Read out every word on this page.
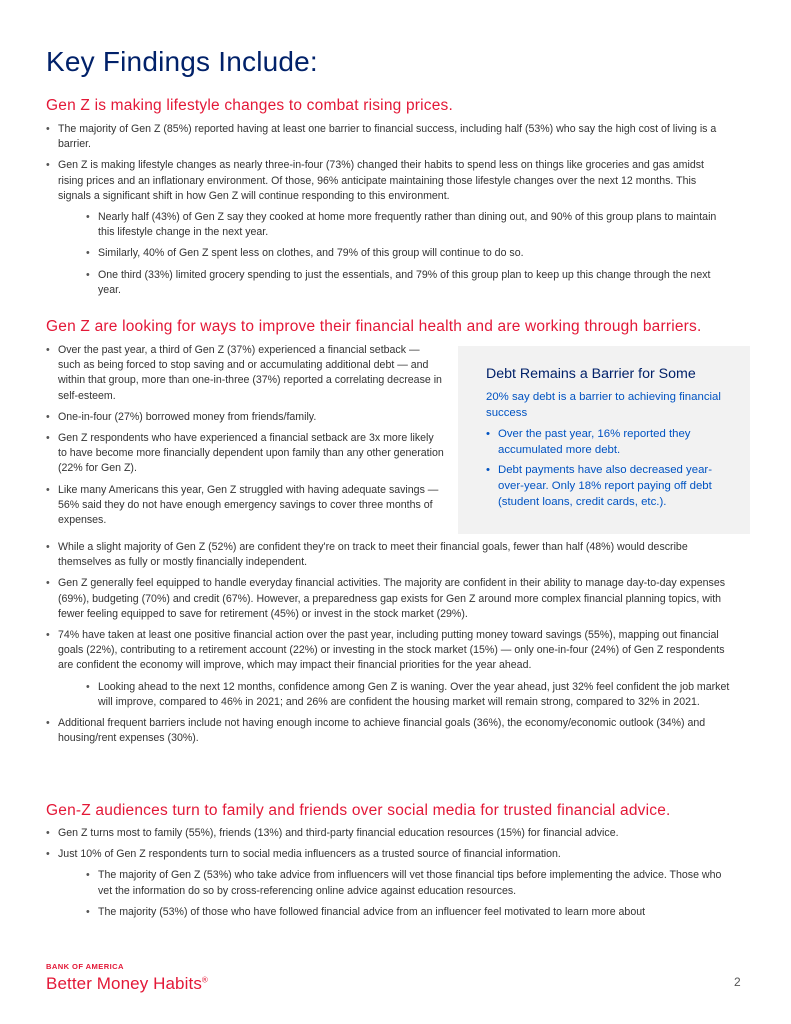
Key Findings Include:
Gen Z is making lifestyle changes to combat rising prices.
• The majority of Gen Z (85%) reported having at least one barrier to financial success, including half (53%) who say the high cost of living is a barrier.
• Gen Z is making lifestyle changes as nearly three-in-four (73%) changed their habits to spend less on things like groceries and gas amidst rising prices and an inflationary environment. Of those, 96% anticipate maintaining those lifestyle changes over the next 12 months. This signals a significant shift in how Gen Z will continue responding to this environment.
• Nearly half (43%) of Gen Z say they cooked at home more frequently rather than dining out, and 90% of this group plans to maintain this lifestyle change in the next year.
• Similarly, 40% of Gen Z spent less on clothes, and 79% of this group will continue to do so.
• One third (33%) limited grocery spending to just the essentials, and 79% of this group plan to keep up this change through the next year.
Gen Z are looking for ways to improve their financial health and are working through barriers.
• Over the past year, a third of Gen Z (37%) experienced a financial setback — such as being forced to stop saving and or accumulating additional debt — and within that group, more than one-in-three (37%) reported a correlating decrease in self-esteem.
• One-in-four (27%) borrowed money from friends/family.
• Gen Z respondents who have experienced a financial setback are 3x more likely to have become more financially dependent upon family than any other generation (22% for Gen Z).
• Like many Americans this year, Gen Z struggled with having adequate savings — 56% said they do not have enough emergency savings to cover three months of expenses.
Debt Remains a Barrier for Some

20% say debt is a barrier to achieving financial success

• Over the past year, 16% reported they accumulated more debt.
• Debt payments have also decreased year-over-year. Only 18% report paying off debt (student loans, credit cards, etc.).
• While a slight majority of Gen Z (52%) are confident they're on track to meet their financial goals, fewer than half (48%) would describe themselves as fully or mostly financially independent.
• Gen Z generally feel equipped to handle everyday financial activities. The majority are confident in their ability to manage day-to-day expenses (69%), budgeting (70%) and credit (67%). However, a preparedness gap exists for Gen Z around more complex financial planning topics, with fewer feeling equipped to save for retirement (45%) or invest in the stock market (29%).
• 74% have taken at least one positive financial action over the past year, including putting money toward savings (55%), mapping out financial goals (22%), contributing to a retirement account (22%) or investing in the stock market (15%) — only one-in-four (24%) of Gen Z respondents are confident the economy will improve, which may impact their financial priorities for the year ahead.
• Looking ahead to the next 12 months, confidence among Gen Z is waning. Over the year ahead, just 32% feel confident the job market will improve, compared to 46% in 2021; and 26% are confident the housing market will remain strong, compared to 32% in 2021.
• Additional frequent barriers include not having enough income to achieve financial goals (36%), the economy/economic outlook (34%) and housing/rent expenses (30%).
Gen-Z audiences turn to family and friends over social media for trusted financial advice.
• Gen Z turns most to family (55%), friends (13%) and third-party financial education resources (15%) for financial advice.
• Just 10% of Gen Z respondents turn to social media influencers as a trusted source of financial information.
• The majority of Gen Z (53%) who take advice from influencers will vet those financial tips before implementing the advice. Those who vet the information do so by cross-referencing online advice against education resources.
• The majority (53%) of those who have followed financial advice from an influencer feel motivated to learn more about
BANK OF AMERICA
Better Money Habits®	2
